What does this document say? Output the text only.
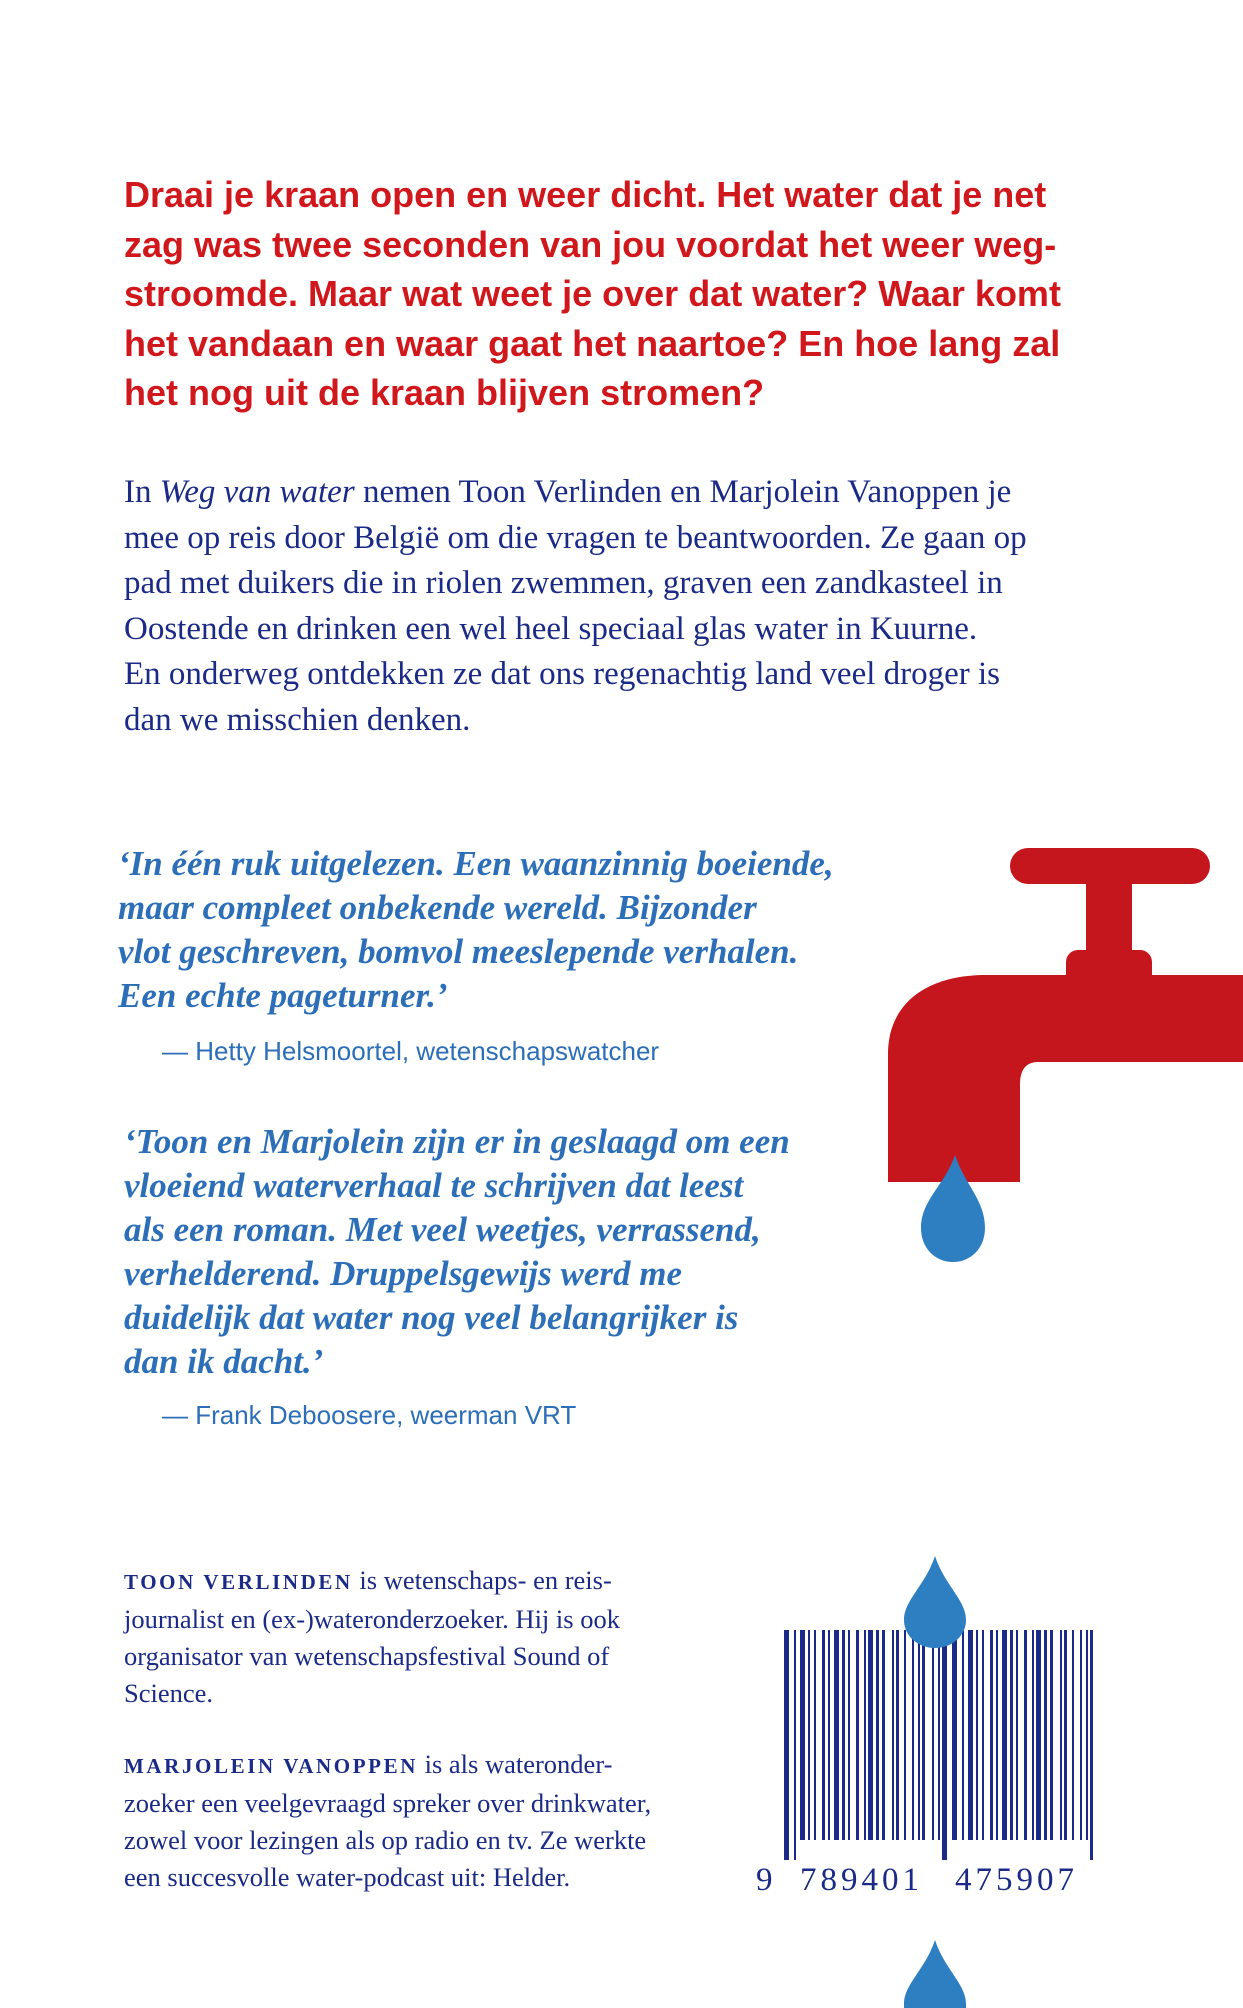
Draai je kraan open en weer dicht. Het water dat je net
zag was twee seconden van jou voordat het weer weg-
stroomde. Maar wat weet je over dat water? Waar komt
het vandaan en waar gaat het naartoe? En hoe lang zal
het nog uit de kraan blijven stromen?

In Weg van water nemen Toon Verlinden en Marjolein Vanoppen je
mee op reis door België om die vragen te beantwoorden. Ze gaan op
pad met duikers die in riolen zwemmen, graven een zandkasteel in
Oostende en drinken een wel heel speciaal glas water in Kuurne.
En onderweg ontdekken ze dat ons regenachtig land veel droger is
dan we misschien denken.

‘In één ruk uitgelezen. Een waanzinnig boeiende,
maar compleet onbekende wereld. Bijzonder
vlot geschreven, bomvol meeslepende verhalen.
Een echte pageturner.’

— Hetty Helsmoortel, wetenschapswatcher

‘Toon en Marjolein zijn er in geslaagd om een
vloeiend waterverhaal te schrijven dat leest
als een roman. Met veel weetjes, verrassend,
verhelderend. Druppelsgewijs werd me
duidelijk dat water nog veel belangrijker is
dan ik dacht.’

— Frank Deboosere, weerman VRT

TOON VERLINDEN is wetenschaps- en reis-
journalist en (ex-)wateronderzoeker. Hij is ook
organisator van wetenschapsfestival Sound of
Science.

MARJOLEIN VANOPPEN is als wateronder-
zoeker een veelgevraagd spreker over drinkwater,
zowel voor lezingen als op radio en tv. Ze werkte
een succesvolle water-podcast uit: Helder.	9 789401 475907
